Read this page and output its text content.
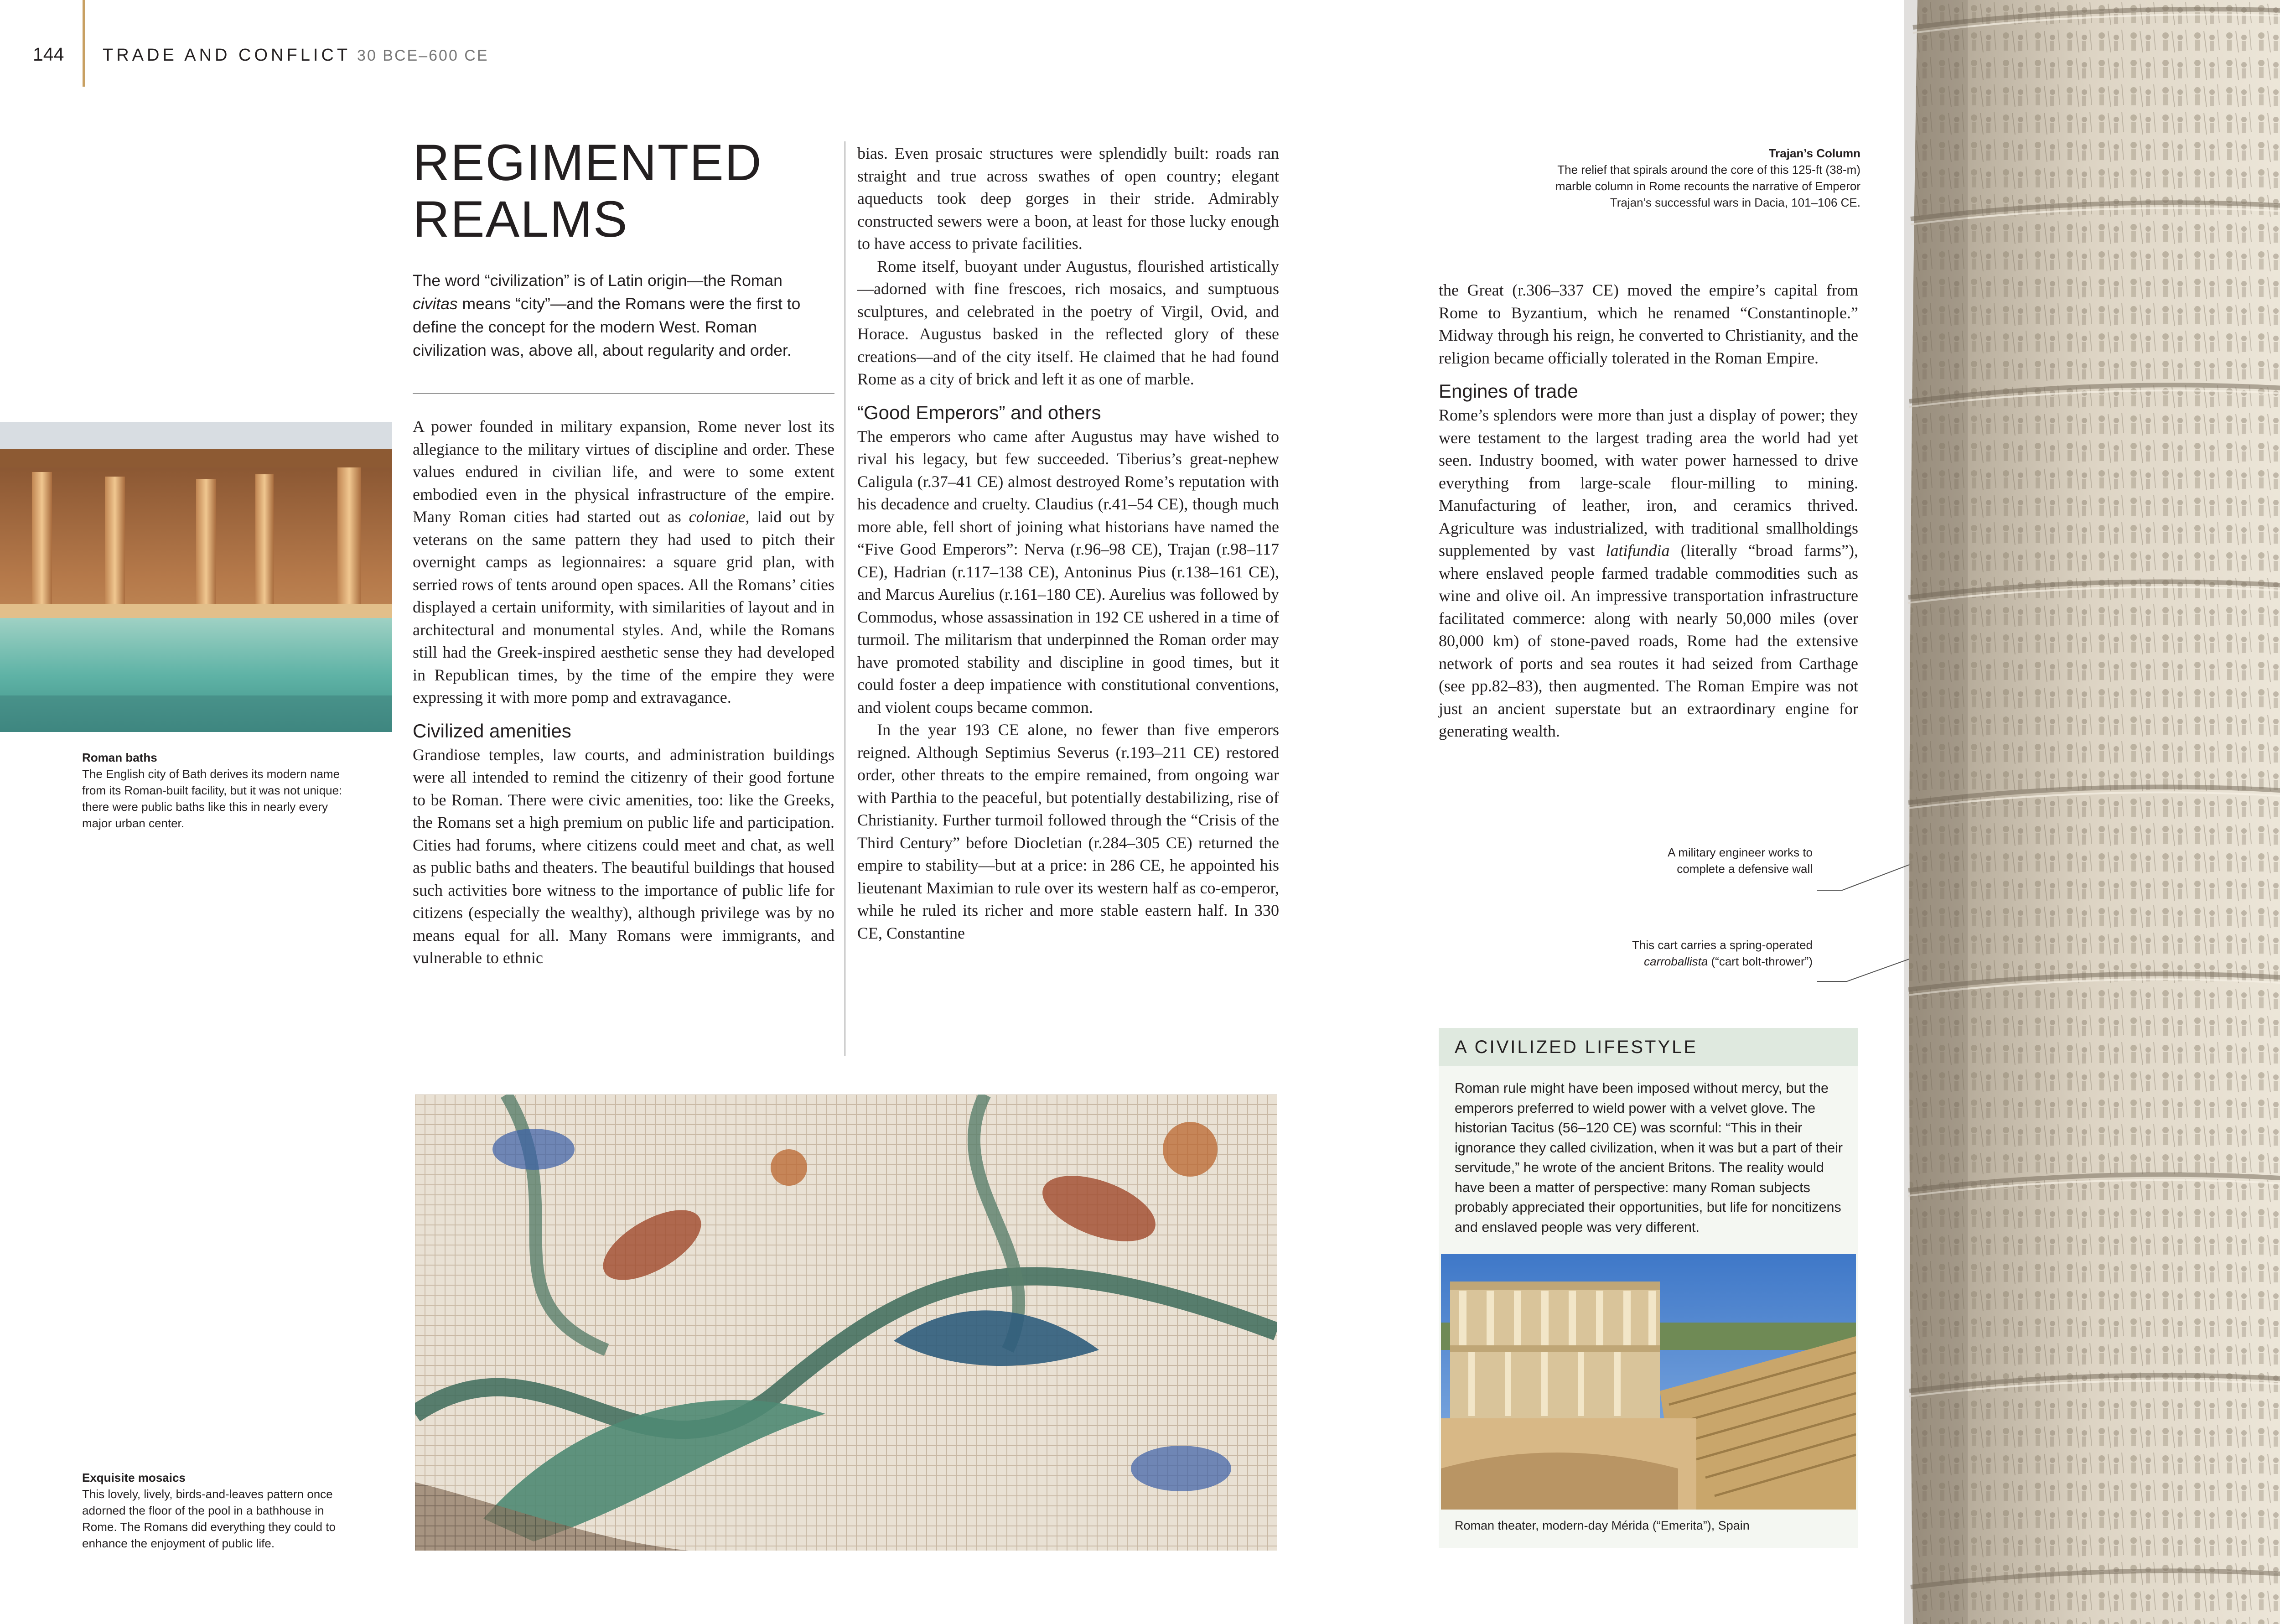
144 TRADE AND CONFLICT 30 BCE–600 CE
Roman baths
The English city of Bath derives its modern name from its Roman-built facility, but it was not unique: there were public baths like this in nearly every major urban center.
REGIMENTED
REALMS

The word “civilization” is of Latin origin—the Roman civitas means “city”—and the Romans were the first to define the concept for the modern West. Roman civilization was, above all, about regularity and order.

A power founded in military expansion, Rome never lost its allegiance to the military virtues of discipline and order. These values endured in civilian life, and were to some extent embodied even in the physical infrastructure of the empire. Many Roman cities had started out as coloniae, laid out by veterans on the same pattern they had used to pitch their overnight camps as legionnaires: a square grid plan, with serried rows of tents around open spaces. All the Romans’ cities displayed a certain uniformity, with similarities of layout and in architectural and monumental styles. And, while the Romans still had the Greek-inspired aesthetic sense they had developed in Republican times, by the time of the empire they were expressing it with more pomp and extravagance.

Civilized amenities

Grandiose temples, law courts, and administration buildings were all intended to remind the citizenry of their good fortune to be Roman. There were civic amenities, too: like the Greeks, the Romans set a high premium on public life and participation. Cities had forums, where citizens could meet and chat, as well as public baths and theaters. The beautiful buildings that housed such activities bore witness to the importance of public life for citizens (especially the wealthy), although privilege was by no means equal for all. Many Romans were immigrants, and vulnerable to ethnic

bias. Even prosaic structures were splendidly built: roads ran straight and true across swathes of open country; elegant aqueducts took deep gorges in their stride. Admirably constructed sewers were a boon, at least for those lucky enough to have access to private facilities.

Rome itself, buoyant under Augustus, flourished artistically—adorned with fine frescoes, rich mosaics, and sumptuous sculptures, and celebrated in the poetry of Virgil, Ovid, and Horace. Augustus basked in the reflected glory of these creations—and of the city itself. He claimed that he had found Rome as a city of brick and left it as one of marble.

“Good Emperors” and others

The emperors who came after Augustus may have wished to rival his legacy, but few succeeded. Tiberius’s great-nephew Caligula (r.37–41 CE) almost destroyed Rome’s reputation with his decadence and cruelty. Claudius (r.41–54 CE), though much more able, fell short of joining what historians have named the “Five Good Emperors”: Nerva (r.96–98 CE), Trajan (r.98–117 CE), Hadrian (r.117–138 CE), Antoninus Pius (r.138–161 CE), and Marcus Aurelius (r.161–180 CE). Aurelius was followed by Commodus, whose assassination in 192 CE ushered in a time of turmoil. The militarism that underpinned the Roman order may have promoted stability and discipline in good times, but it could foster a deep impatience with constitutional conventions, and violent coups became common.

In the year 193 CE alone, no fewer than five emperors reigned. Although Septimius Severus (r.193–211 CE) restored order, other threats to the empire remained, from ongoing war with Parthia to the peaceful, but potentially destabilizing, rise of Christianity. Further turmoil followed through the “Crisis of the Third Century” before Diocletian (r.284–305 CE) returned the empire to stability—but at a price: in 286 CE, he appointed his lieutenant Maximian to rule over its western half as co-emperor, while he ruled its richer and more stable eastern half. In 330 CE, Constantine

Exquisite mosaics
This lovely, lively, birds-and-leaves pattern once adorned the floor of the pool in a bathhouse in Rome. The Romans did everything they could to enhance the enjoyment of public life.
Trajan’s Column
The relief that spirals around the core of this 125-ft (38-m) marble column in Rome recounts the narrative of Emperor Trajan’s successful wars in Dacia, 101–106 CE.

the Great (r.306–337 CE) moved the empire’s capital from Rome to Byzantium, which he renamed “Constantinople.” Midway through his reign, he converted to Christianity, and the religion became officially tolerated in the Roman Empire.

Engines of trade

Rome’s splendors were more than just a display of power; they were testament to the largest trading area the world had yet seen. Industry boomed, with water power harnessed to drive everything from large-scale flour-milling to mining. Manufacturing of leather, iron, and ceramics thrived. Agriculture was industrialized, with traditional smallholdings supplemented by vast latifundia (literally “broad farms”), where enslaved people farmed tradable commodities such as wine and olive oil. An impressive transportation infrastructure facilitated commerce: along with nearly 50,000 miles (over 80,000 km) of stone-paved roads, Rome had the extensive network of ports and sea routes it had seized from Carthage (see pp.82–83), then augmented. The Roman Empire was not just an ancient superstate but an extraordinary engine for generating wealth.

A military engineer works to complete a defensive wall
This cart carries a spring-operated carroballista (“cart bolt-thrower”)
A CIVILIZED LIFESTYLE
Roman rule might have been imposed without mercy, but the emperors preferred to wield power with a velvet glove. The historian Tacitus (56–120 CE) was scornful: “This in their ignorance they called civilization, when it was but a part of their servitude,” he wrote of the ancient Britons. The reality would have been a matter of perspective: many Roman subjects probably appreciated their opportunities, but life for noncitizens and enslaved people was very different.
Roman theater, modern-day Mérida (“Emerita”), Spain
